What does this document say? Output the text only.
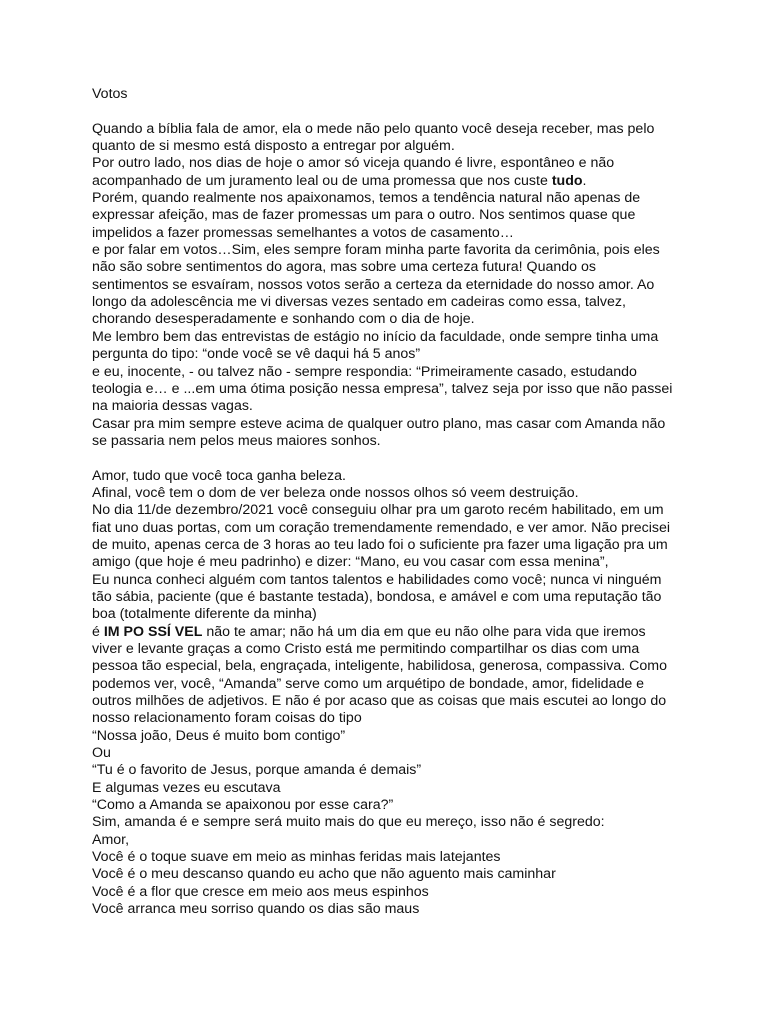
Votos
Quando a bíblia fala de amor, ela o mede não pelo quanto você deseja receber, mas pelo
quanto de si mesmo está disposto a entregar por alguém.
Por outro lado, nos dias de hoje o amor só viceja quando é livre, espontâneo e não
acompanhado de um juramento leal ou de uma promessa que nos custe tudo.
Porém, quando realmente nos apaixonamos, temos a tendência natural não apenas de
expressar afeição, mas de fazer promessas um para o outro. Nos sentimos quase que
impelidos a fazer promessas semelhantes a votos de casamento…
e por falar em votos…Sim, eles sempre foram minha parte favorita da cerimônia, pois eles
não são sobre sentimentos do agora, mas sobre uma certeza futura! Quando os
sentimentos se esvaíram, nossos votos serão a certeza da eternidade do nosso amor. Ao
longo da adolescência me vi diversas vezes sentado em cadeiras como essa, talvez,
chorando desesperadamente e sonhando com o dia de hoje.
Me lembro bem das entrevistas de estágio no início da faculdade, onde sempre tinha uma
pergunta do tipo: “onde você se vê daqui há 5 anos”
e eu, inocente, - ou talvez não - sempre respondia: “Primeiramente casado, estudando
teologia e… e ...em uma ótima posição nessa empresa”, talvez seja por isso que não passei
na maioria dessas vagas.
Casar pra mim sempre esteve acima de qualquer outro plano, mas casar com Amanda não
se passaria nem pelos meus maiores sonhos.
Amor, tudo que você toca ganha beleza.
Afinal, você tem o dom de ver beleza onde nossos olhos só veem destruição.
No dia 11/de dezembro/2021 você conseguiu olhar pra um garoto recém habilitado, em um
fiat uno duas portas, com um coração tremendamente remendado, e ver amor. Não precisei
de muito, apenas cerca de 3 horas ao teu lado foi o suficiente pra fazer uma ligação pra um
amigo (que hoje é meu padrinho) e dizer: “Mano, eu vou casar com essa menina”,
Eu nunca conheci alguém com tantos talentos e habilidades como você; nunca vi ninguém
tão sábia, paciente (que é bastante testada), bondosa, e amável e com uma reputação tão
boa (totalmente diferente da minha)
é IM PO SSÍ VEL não te amar; não há um dia em que eu não olhe para vida que iremos
viver e levante graças a como Cristo está me permitindo compartilhar os dias com uma
pessoa tão especial, bela, engraçada, inteligente, habilidosa, generosa, compassiva. Como
podemos ver, você, “Amanda” serve como um arquétipo de bondade, amor, fidelidade e
outros milhões de adjetivos. E não é por acaso que as coisas que mais escutei ao longo do
nosso relacionamento foram coisas do tipo
“Nossa joão, Deus é muito bom contigo”
Ou
“Tu é o favorito de Jesus, porque amanda é demais”
E algumas vezes eu escutava
“Como a Amanda se apaixonou por esse cara?”
Sim, amanda é e sempre será muito mais do que eu mereço, isso não é segredo:
Amor,
Você é o toque suave em meio as minhas feridas mais latejantes
Você é o meu descanso quando eu acho que não aguento mais caminhar
Você é a flor que cresce em meio aos meus espinhos
Você arranca meu sorriso quando os dias são maus
